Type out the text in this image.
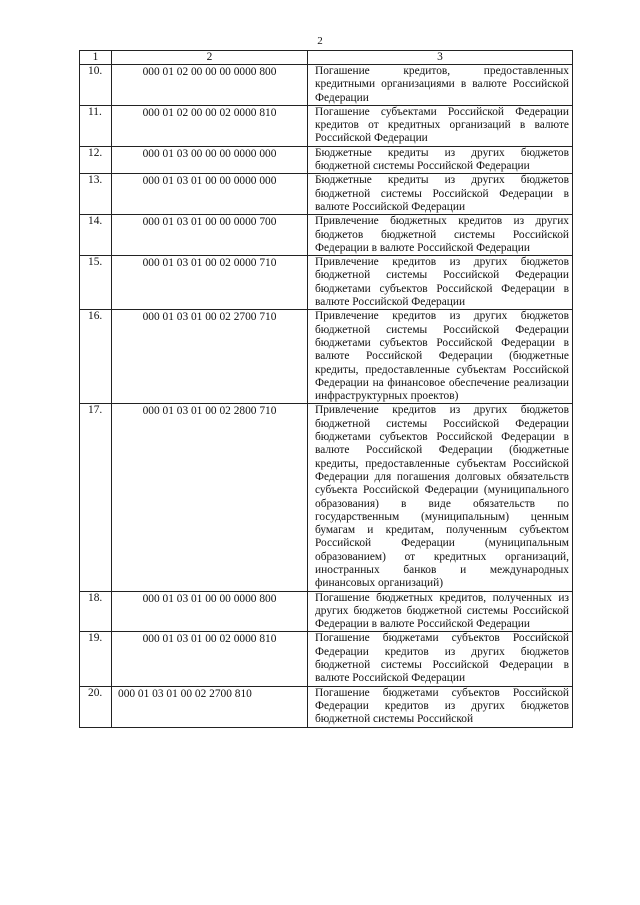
2
1	2	3
10.	000 01 02 00 00 00 0000 800	Погашение кредитов, предоставленных кредитными организациями в валюте Российской Федерации
11.	000 01 02 00 00 02 0000 810	Погашение субъектами Российской Федерации кредитов от кредитных организаций в валюте Российской Федерации
12.	000 01 03 00 00 00 0000 000	Бюджетные кредиты из других бюджетов бюджетной системы Российской Федерации
13.	000 01 03 01 00 00 0000 000	Бюджетные кредиты из других бюджетов бюджетной системы Российской Федерации в валюте Российской Федерации
14.	000 01 03 01 00 00 0000 700	Привлечение бюджетных кредитов из других бюджетов бюджетной системы Российской Федерации в валюте Российской Федерации
15.	000 01 03 01 00 02 0000 710	Привлечение кредитов из других бюджетов бюджетной системы Российской Федерации бюджетами субъектов Российской Федерации в валюте Российской Федерации
16.	000 01 03 01 00 02 2700 710	Привлечение кредитов из других бюджетов бюджетной системы Российской Федерации бюджетами субъектов Российской Федерации в валюте Российской Федерации (бюджетные кредиты, предоставленные субъектам Российской Федерации на финансовое обеспечение реализации инфраструктурных проектов)
17.	000 01 03 01 00 02 2800 710	Привлечение кредитов из других бюджетов бюджетной системы Российской Федерации бюджетами субъектов Российской Федерации в валюте Российской Федерации (бюджетные кредиты, предоставленные субъектам Российской Федерации для погашения долговых обязательств субъекта Российской Федерации (муниципального образования) в виде обязательств по государственным (муниципальным) ценным бумагам и кредитам, полученным субъектом Российской Федерации (муниципальным образованием) от кредитных организаций, иностранных банков и международных финансовых организаций)
18.	000 01 03 01 00 00 0000 800	Погашение бюджетных кредитов, полученных из других бюджетов бюджетной системы Российской Федерации в валюте Российской Федерации
19.	000 01 03 01 00 02 0000 810	Погашение бюджетами субъектов Российской Федерации кредитов из других бюджетов бюджетной системы Российской Федерации в валюте Российской Федерации
20.	000 01 03 01 00 02 2700 810	Погашение бюджетами субъектов Российской Федерации кредитов из других бюджетов бюджетной системы Российской
